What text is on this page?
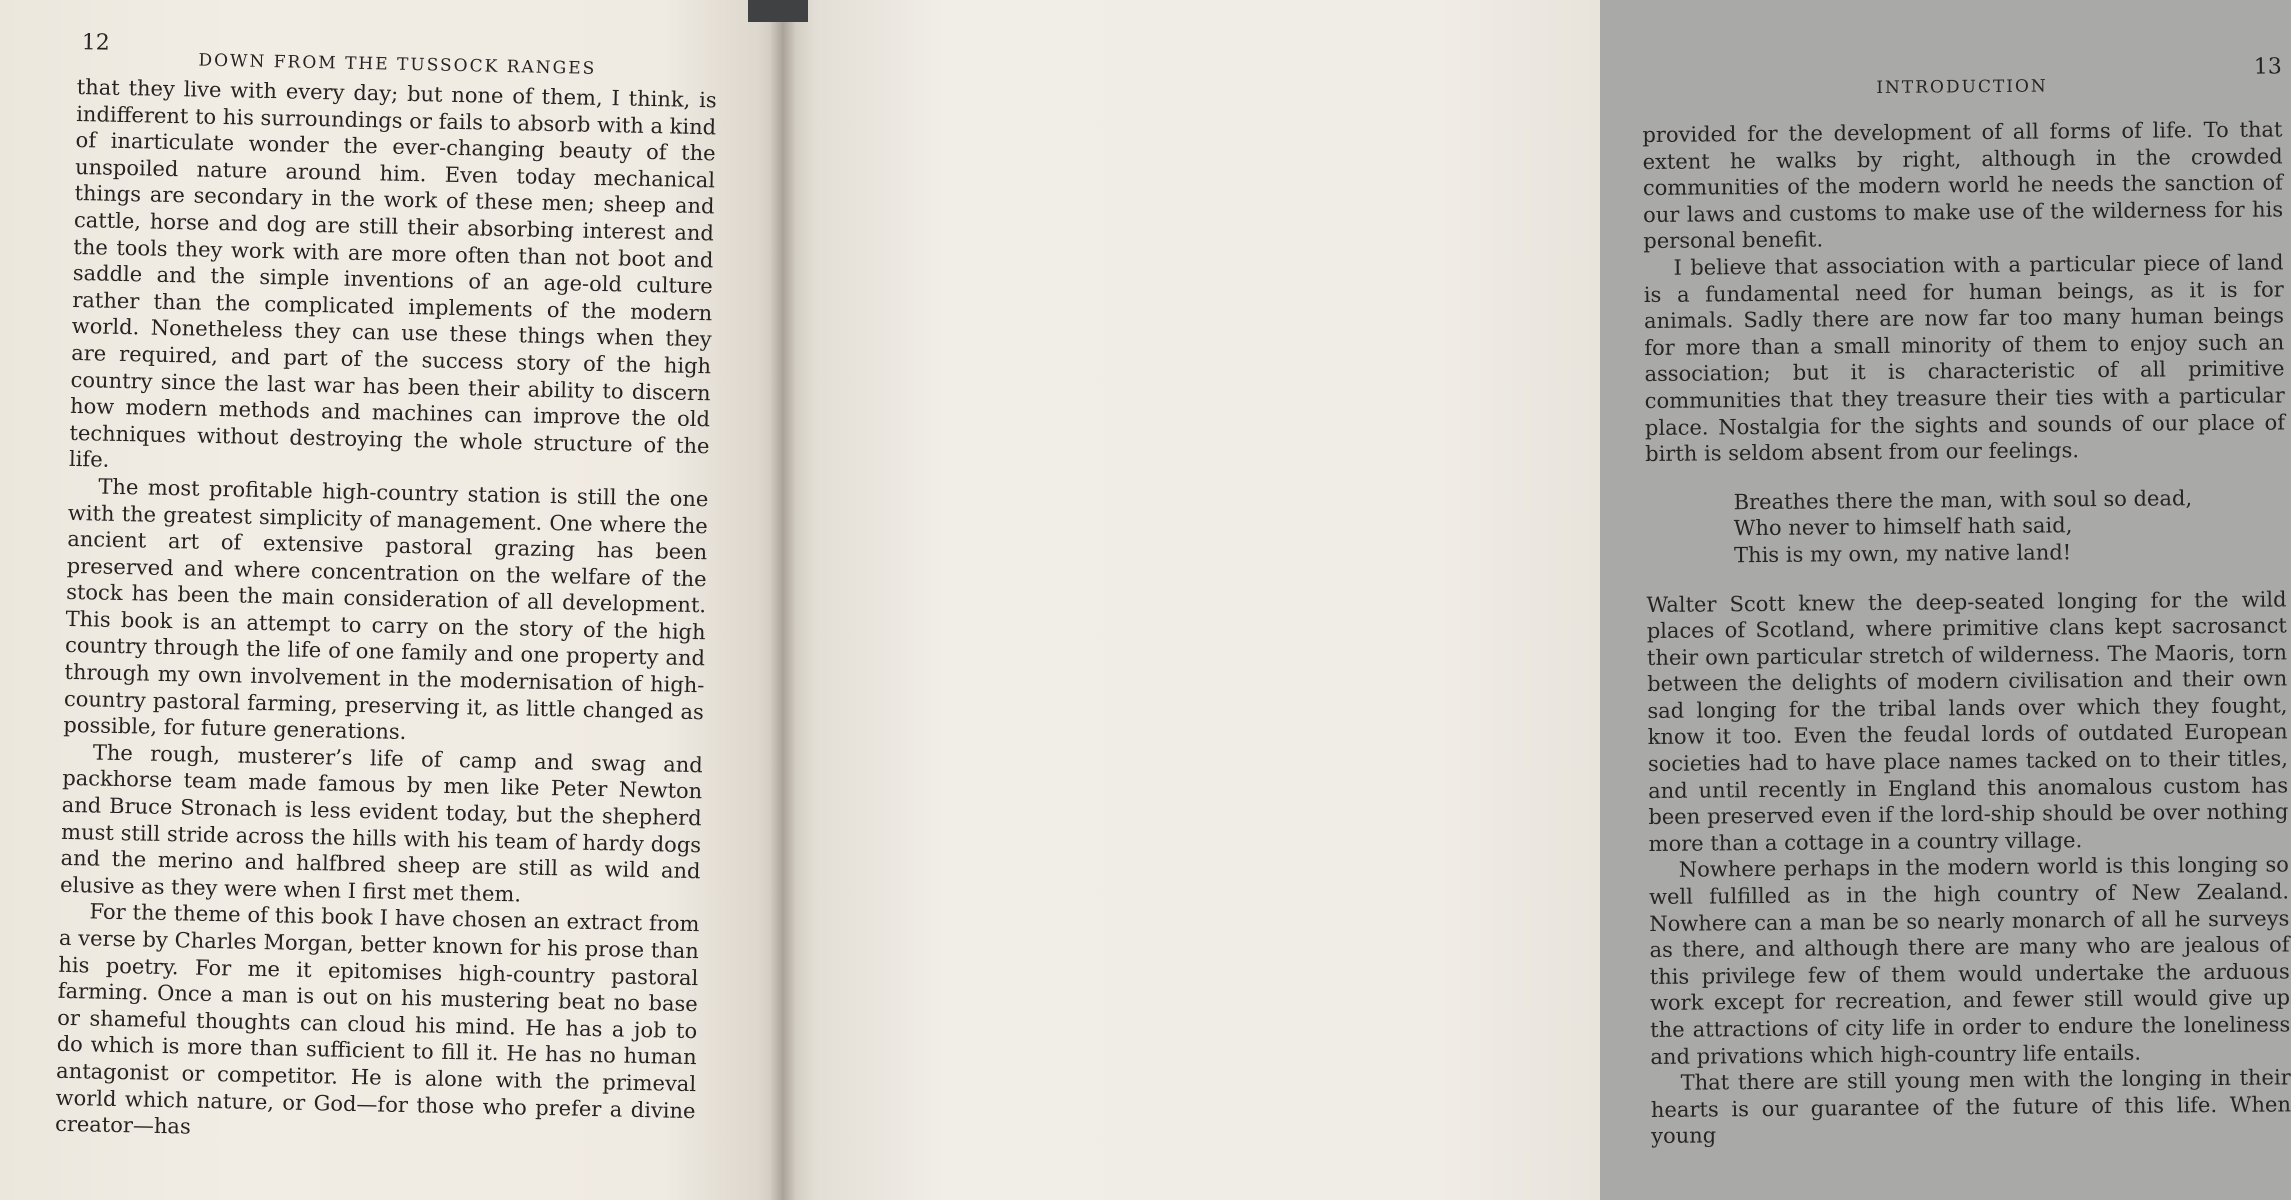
12
DOWN FROM THE TUSSOCK RANGES

that they live with every day; but none of them, I think, is indifferent to his surroundings or fails to absorb with a kind of inarticulate wonder the ever-changing beauty of the unspoiled nature around him. Even today mechanical things are secondary in the work of these men; sheep and cattle, horse and dog are still their absorbing interest and the tools they work with are more often than not boot and saddle and the simple inventions of an age-old culture rather than the complicated implements of the modern world. Nonetheless they can use these things when they are required, and part of the success story of the high country since the last war has been their ability to discern how modern methods and machines can improve the old techniques without destroying the whole structure of the life.

The most profitable high-country station is still the one with the greatest simplicity of management. One where the ancient art of extensive pastoral grazing has been preserved and where concentration on the welfare of the stock has been the main consideration of all development. This book is an attempt to carry on the story of the high country through the life of one family and one property and through my own involvement in the modernisation of high-country pastoral farming, preserving it, as little changed as possible, for future generations.

The rough, musterer’s life of camp and swag and packhorse team made famous by men like Peter Newton and Bruce Stronach is less evident today, but the shepherd must still stride across the hills with his team of hardy dogs and the merino and halfbred sheep are still as wild and elusive as they were when I first met them.

For the theme of this book I have chosen an extract from a verse by Charles Morgan, better known for his prose than his poetry. For me it epitomises high-country pastoral farming. Once a man is out on his mustering beat no base or shameful thoughts can cloud his mind. He has a job to do which is more than sufficient to fill it. He has no human antagonist or competitor. He is alone with the primeval world which nature, or God—for those who prefer a divine creator—has

13
INTRODUCTION

provided for the development of all forms of life. To that extent he walks by right, although in the crowded communities of the modern world he needs the sanction of our laws and customs to make use of the wilderness for his personal benefit.

I believe that association with a particular piece of land is a fundamental need for human beings, as it is for animals. Sadly there are now far too many human beings for more than a small minority of them to enjoy such an association; but it is characteristic of all primitive communities that they treasure their ties with a particular place. Nostalgia for the sights and sounds of our place of birth is seldom absent from our feelings.

Breathes there the man, with soul so dead,
Who never to himself hath said,
This is my own, my native land!

Walter Scott knew the deep-seated longing for the wild places of Scotland, where primitive clans kept sacrosanct their own particular stretch of wilderness. The Maoris, torn between the delights of modern civilisation and their own sad longing for the tribal lands over which they fought, know it too. Even the feudal lords of outdated European societies had to have place names tacked on to their titles, and until recently in England this anomalous custom has been preserved even if the lord-ship should be over nothing more than a cottage in a country village.

Nowhere perhaps in the modern world is this longing so well fulfilled as in the high country of New Zealand. Nowhere can a man be so nearly monarch of all he surveys as there, and although there are many who are jealous of this privilege few of them would undertake the arduous work except for recreation, and fewer still would give up the attractions of city life in order to endure the loneliness and privations which high-country life entails.

That there are still young men with the longing in their hearts is our guarantee of the future of this life. When young
